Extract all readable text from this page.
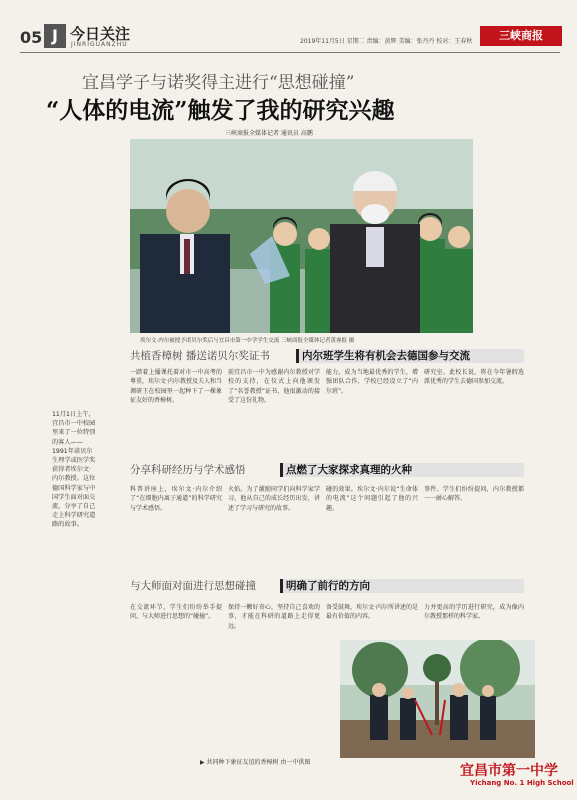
05 J 今日关注
JINRIGUANZHU	2019年11月5日 星期二 责编：黄辉 美编：张丹丹 校对：王春秋	三峡商报
宜昌学子与诺奖得主进行“思想碰撞”
“人体的电流”触发了我的研究兴趣
三峡商报全媒体记者 通讯员 高鹏
埃尔文·内尔被授予诺贝尔奖后与宜昌市第一中学学生交流 三峡商报全媒体记者黄睿报 摄
11月1日上午，宜昌市一中校园里来了一位特别的客人——1991年诺贝尔生理学或医学奖获得者埃尔文·内尔教授。这位德国科学家与中国学生面对面交流，分享了自己走上科学研究道路的故事。
共植香樟树 播送诺贝尔奖证书	内尔班学生将有机会去德国参与交流
一踏着上播课托着对市一中高考的尊重，埃尔文·内尔教授及夫人和当调研王在校园里一起种下了一棵象征友好的香樟树。
前宜昌市一中为感谢内尔教授对学校的支持，在仪式上向他颁发了“名誉教授”证书，他很激动的接受了这份礼物。
能力，成为当地最优秀的学生，增强团队合作，学校已经设立了“内尔班”。
研究室。此校长说，将在今年暑假选派优秀的学生去德国参加交流。
分享科研经历与学术感悟	点燃了大家探求真理的火种
科普讲座上，埃尔文·内尔介绍了“在细胞内离子通道”的科学研究与学术感悟。
火焰。为了激励同学们向科学家学习，他从自己的成长经历出发，讲述了学习与研究的故事。
碰的效果。埃尔文·内尔说“生命体的电流”这个问题引起了他的兴趣。
事件。学生们纷纷提问，内尔教授都一一耐心解答。
与大师面对面进行思想碰撞	明确了前行的方向
在交流环节，学生们纷纷举手提问，与大师进行思想的“碰撞”。
保持一颗好奇心，坚持自己喜欢的事，才能在科研的道路上走得更远。
备受鼓舞，埃尔文·内尔所讲述的是最有价值的内容。
力并更高的学历进行研究，成为像内尔教授那样的科学家。
▶ 共同种下象征友谊的香樟树 由一中供图
宜昌市第一中学
Yichang No. 1 High School
